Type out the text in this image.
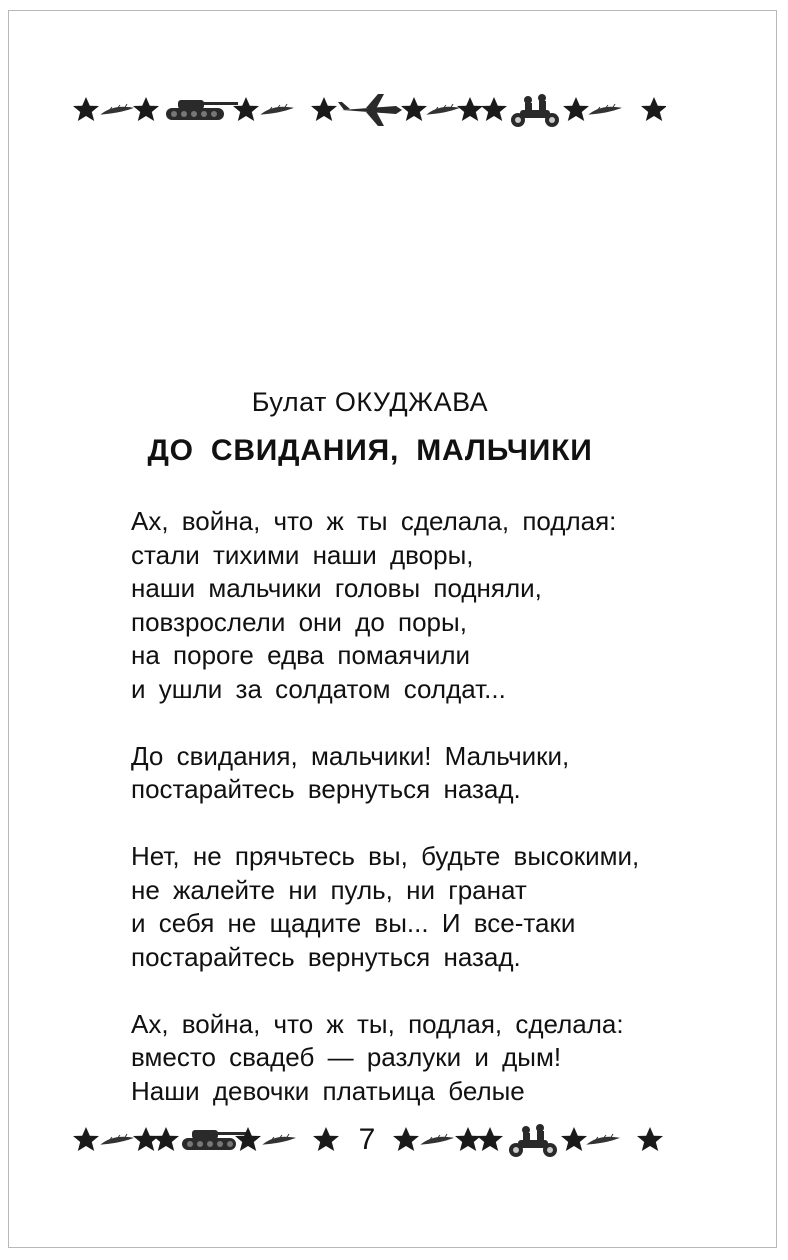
Булат ОКУДЖАВА
ДО СВИДАНИЯ, МАЛЬЧИКИ
Ах, война, что ж ты сделала, подлая:
стали тихими наши дворы,
наши мальчики головы подняли,
повзрослели они до поры,
на пороге едва помаячили
и ушли за солдатом солдат...
До свидания, мальчики! Мальчики,
постарайтесь вернуться назад.
Нет, не прячьтесь вы, будьте высокими,
не жалейте ни пуль, ни гранат
и себя не щадите вы... И все-таки
постарайтесь вернуться назад.
Ах, война, что ж ты, подлая, сделала:
вместо свадеб — разлуки и дым!
Наши девочки платьица белые
7
